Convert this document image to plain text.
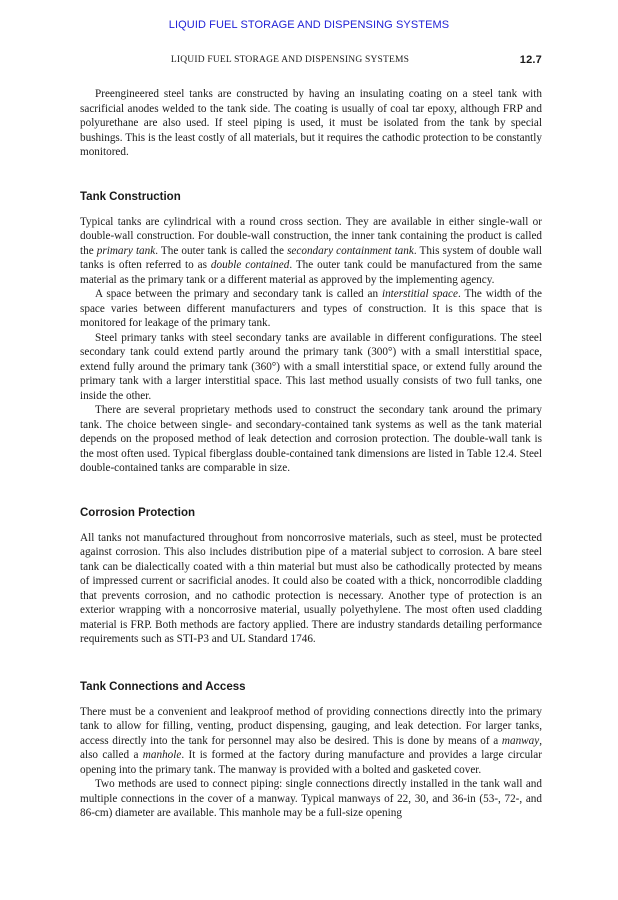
LIQUID FUEL STORAGE AND DISPENSING SYSTEMS
LIQUID FUEL STORAGE AND DISPENSING SYSTEMS	12.7

Preengineered steel tanks are constructed by having an insulating coating on a steel tank with sacrificial anodes welded to the tank side. The coating is usually of coal tar epoxy, although FRP and polyurethane are also used. If steel piping is used, it must be isolated from the tank by special bushings. This is the least costly of all materials, but it requires the cathodic protection to be constantly monitored.

Tank Construction

Typical tanks are cylindrical with a round cross section. They are available in either single-wall or double-wall construction. For double-wall construction, the inner tank containing the product is called the primary tank. The outer tank is called the secondary containment tank. This system of double wall tanks is often referred to as double contained. The outer tank could be manufactured from the same material as the primary tank or a different material as approved by the implementing agency.

A space between the primary and secondary tank is called an interstitial space. The width of the space varies between different manufacturers and types of construction. It is this space that is monitored for leakage of the primary tank.

Steel primary tanks with steel secondary tanks are available in different configurations. The steel secondary tank could extend partly around the primary tank (300°) with a small interstitial space, extend fully around the primary tank (360°) with a small interstitial space, or extend fully around the primary tank with a larger interstitial space. This last method usually consists of two full tanks, one inside the other.

There are several proprietary methods used to construct the secondary tank around the primary tank. The choice between single- and secondary-contained tank systems as well as the tank material depends on the proposed method of leak detection and corrosion protection. The double-wall tank is the most often used. Typical fiberglass double-contained tank dimensions are listed in Table 12.4. Steel double-contained tanks are comparable in size.

Corrosion Protection

All tanks not manufactured throughout from noncorrosive materials, such as steel, must be protected against corrosion. This also includes distribution pipe of a material subject to corrosion. A bare steel tank can be dialectically coated with a thin material but must also be cathodically protected by means of impressed current or sacrificial anodes. It could also be coated with a thick, noncorrodible cladding that prevents corrosion, and no cathodic protection is necessary. Another type of protection is an exterior wrapping with a noncorrosive material, usually polyethylene. The most often used cladding material is FRP. Both methods are factory applied. There are industry standards detailing performance requirements such as STI-P3 and UL Standard 1746.

Tank Connections and Access

There must be a convenient and leakproof method of providing connections directly into the primary tank to allow for filling, venting, product dispensing, gauging, and leak detection. For larger tanks, access directly into the tank for personnel may also be desired. This is done by means of a manway, also called a manhole. It is formed at the factory during manufacture and provides a large circular opening into the primary tank. The manway is provided with a bolted and gasketed cover.

Two methods are used to connect piping: single connections directly installed in the tank wall and multiple connections in the cover of a manway. Typical manways of 22, 30, and 36-in (53-, 72-, and 86-cm) diameter are available. This manhole may be a full-size opening
